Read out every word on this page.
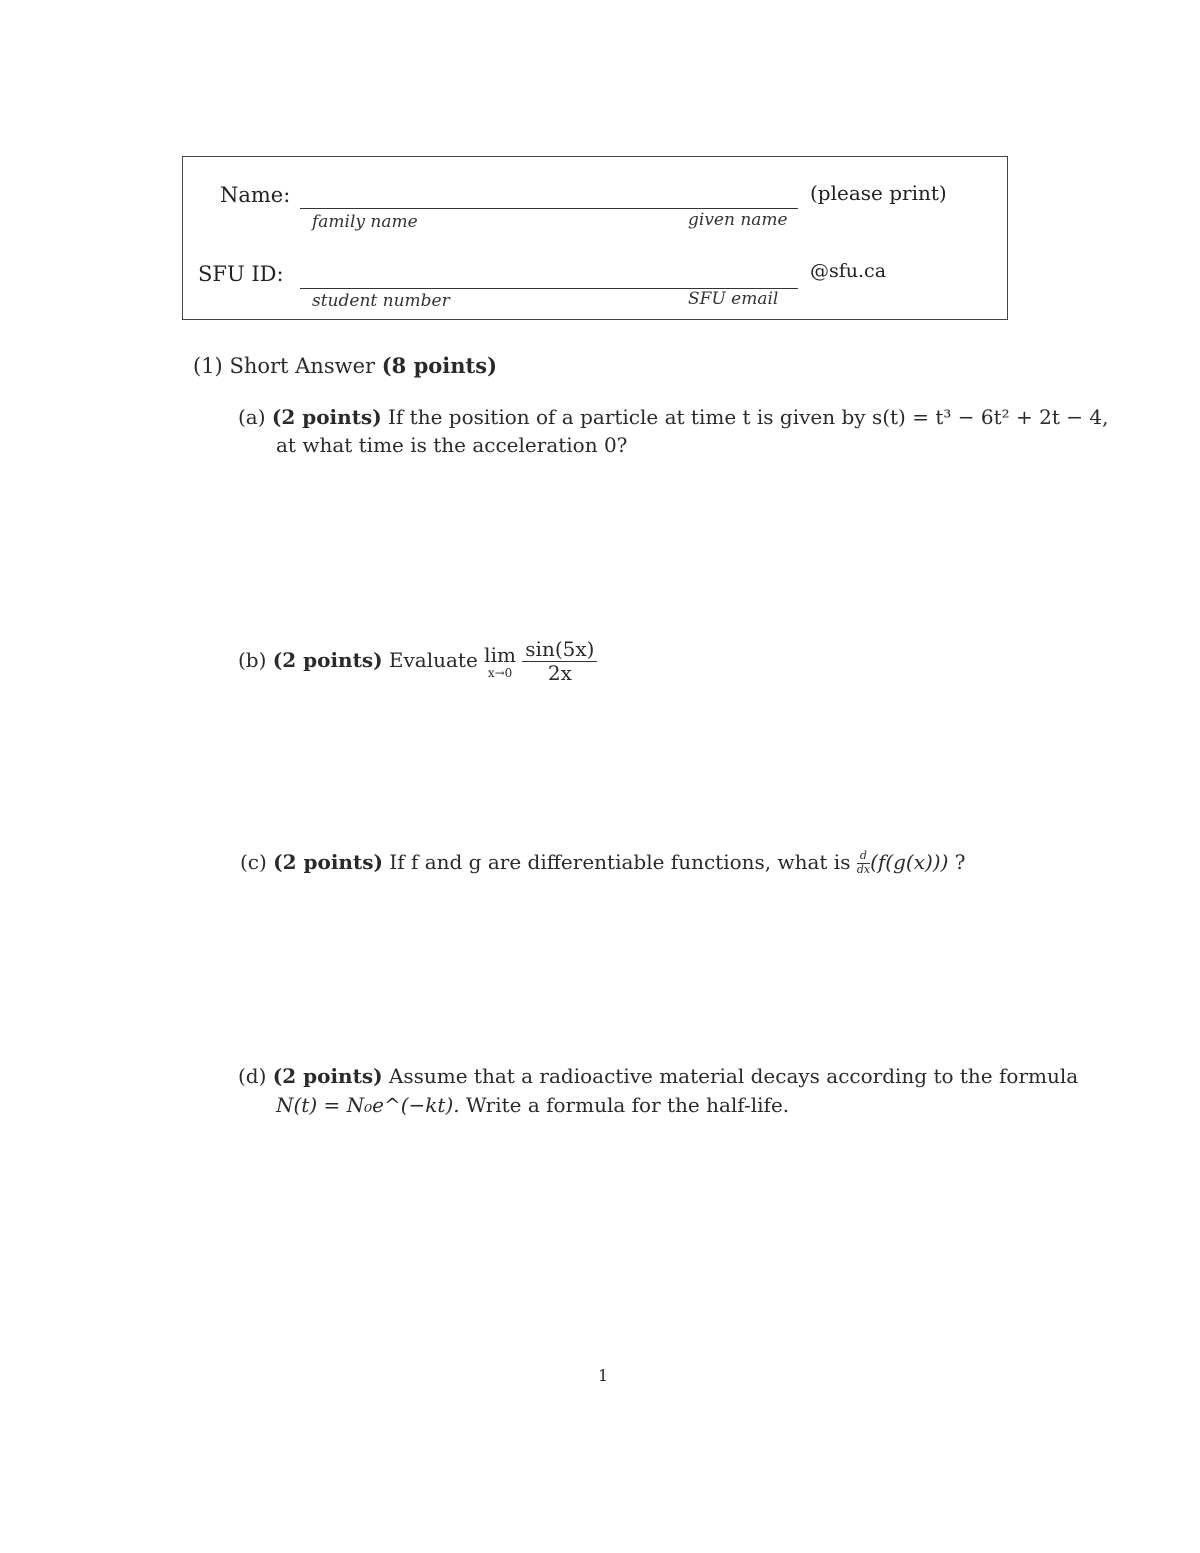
Name:	(please print)
family name	given name
SFU ID:	@sfu.ca
student number	SFU email
(1) Short Answer (8 points)
(a) (2 points) If the position of a particle at time t is given by s(t) = t³ − 6t² + 2t − 4,
at what time is the acceleration 0?
(b) (2 points) Evaluate lim
x→0
$\frac{\sin(5x)}{2x}$
(c) (2 points) If f and g are differentiable functions, what is $\frac{d}{dx} (f(g(x)))$ ?
(d) (2 points) Assume that a radioactive material decays according to the formula
N(t) = N₀e^(−kt). Write a formula for the half-life.
1
